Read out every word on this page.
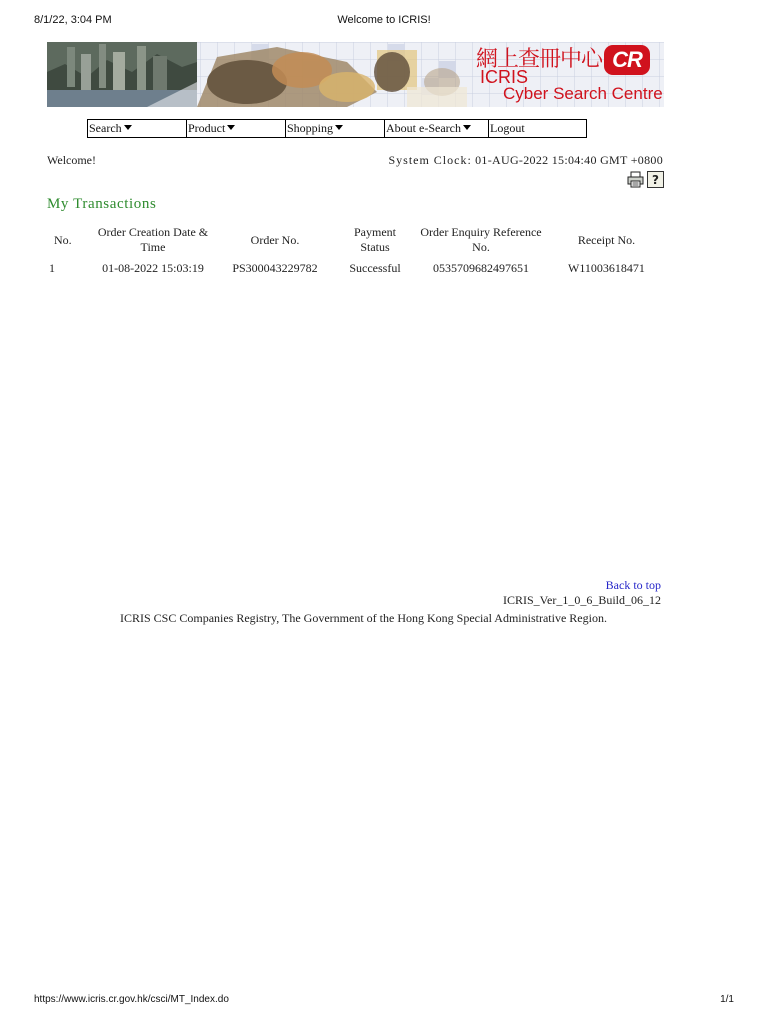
8/1/22, 3:04 PM	Welcome to ICRIS!
網上查冊中心 CR
ICRIS
Cyber Search Centre
Search	Product	Shopping	About e-Search	Logout
Welcome!	System Clock: 01-AUG-2022 15:04:40 GMT +0800
?
My Transactions
No.	Order Creation Date & Time	Order No.	Payment Status	Order Enquiry Reference No.	Receipt No.
1	01-08-2022 15:03:19	PS300043229782	Successful	0535709682497651	W11003618471
Back to top
ICRIS_Ver_1_0_6_Build_06_12
ICRIS CSC Companies Registry, The Government of the Hong Kong Special Administrative Region.
https://www.icris.cr.gov.hk/csci/MT_Index.do	1/1
